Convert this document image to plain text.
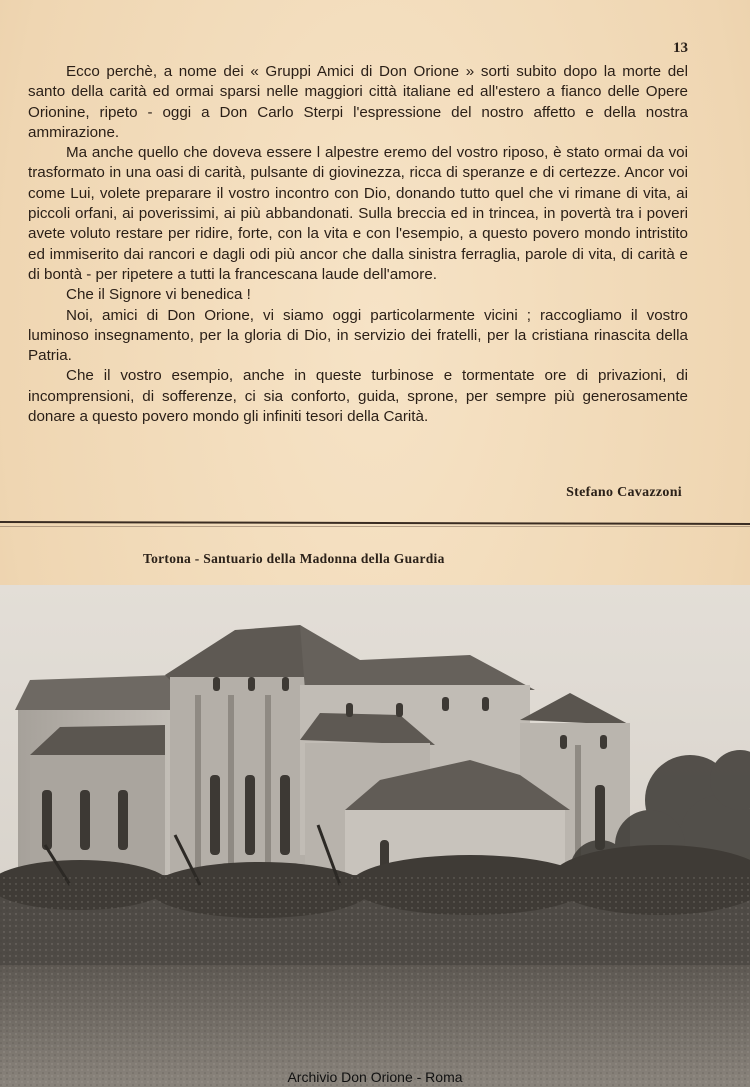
13

Ecco perchè, a nome dei « Gruppi Amici di Don Orione » sorti subito dopo la morte del santo della carità ed ormai sparsi nelle maggiori città italiane ed all'estero a fianco delle Opere Orionine, ripeto - oggi a Don Carlo Sterpi l'espressione del nostro affetto e della nostra ammirazione.

Ma anche quello che doveva essere l alpestre eremo del vostro riposo, è stato ormai da voi trasformato in una oasi di carità, pulsante di giovinezza, ricca di speranze e di certezze. Ancor voi come Lui, volete preparare il vostro incontro con Dio, donando tutto quel che vi rimane di vita, ai piccoli orfani, ai poverissimi, ai più abbandonati. Sulla breccia ed in trincea, in povertà tra i poveri avete voluto restare per ridire, forte, con la vita e con l'esempio, a questo povero mondo intristito ed immiserito dai rancori e dagli odi più ancor che dalla sinistra ferraglia, parole di vita, di carità e di bontà - per ripetere a tutti la francescana laude dell'amore.

Che il Signore vi benedica !

Noi, amici di Don Orione, vi siamo oggi particolarmente vicini ; raccogliamo il vostro luminoso insegnamento, per la gloria di Dio, in servizio dei fratelli, per la cristiana rinascita della Patria.

Che il vostro esempio, anche in queste turbinose e tormentate ore di privazioni, di incomprensioni, di sofferenze, ci sia conforto, guida, sprone, per sempre più generosamente donare a questo povero mondo gli infiniti tesori della Carità.

Stefano Cavazzoni
Tortona - Santuario della Madonna della Guardia
Archivio Don Orione - Roma
